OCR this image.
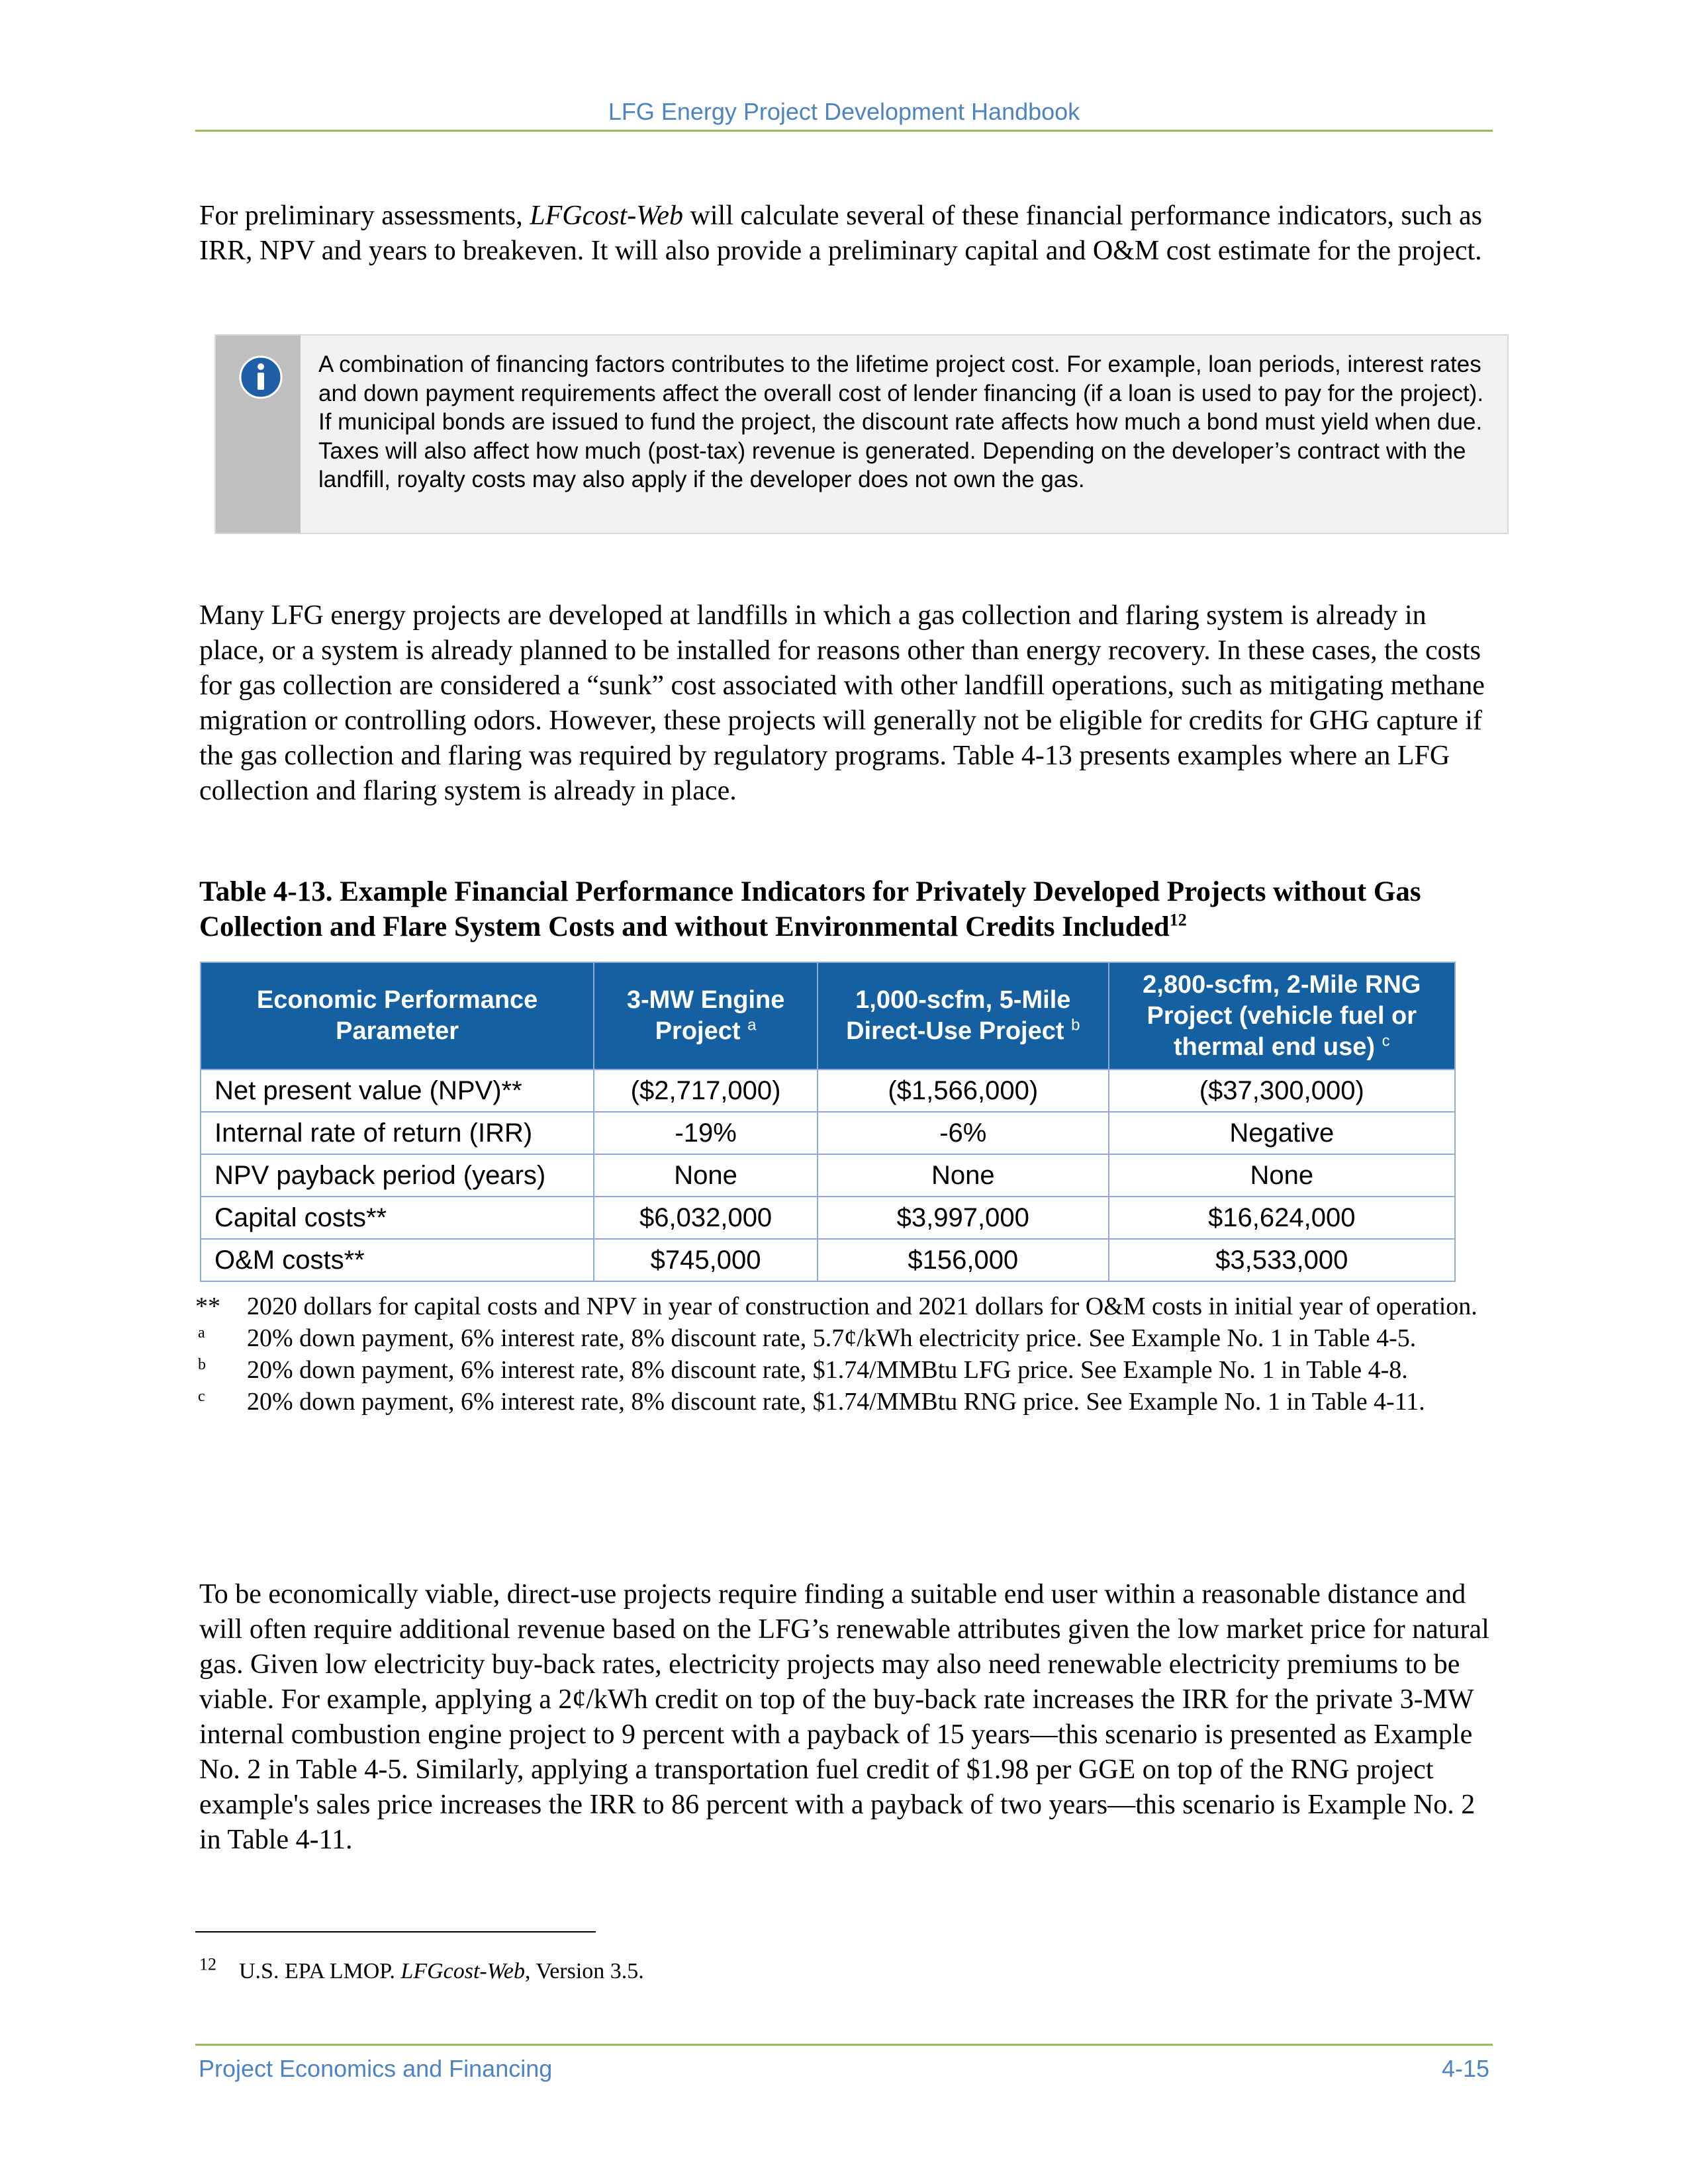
LFG Energy Project Development Handbook

For preliminary assessments, LFGcost-Web will calculate several of these financial performance indicators, such as IRR, NPV and years to breakeven. It will also provide a preliminary capital and O&M cost estimate for the project.

A combination of financing factors contributes to the lifetime project cost. For example, loan periods, interest rates and down payment requirements affect the overall cost of lender financing (if a loan is used to pay for the project). If municipal bonds are issued to fund the project, the discount rate affects how much a bond must yield when due. Taxes will also affect how much (post-tax) revenue is generated. Depending on the developer’s contract with the landfill, royalty costs may also apply if the developer does not own the gas.

Many LFG energy projects are developed at landfills in which a gas collection and flaring system is already in place, or a system is already planned to be installed for reasons other than energy recovery. In these cases, the costs for gas collection are considered a “sunk” cost associated with other landfill operations, such as mitigating methane migration or controlling odors. However, these projects will generally not be eligible for credits for GHG capture if the gas collection and flaring was required by regulatory programs. Table 4-13 presents examples where an LFG collection and flaring system is already in place.

Table 4-13. Example Financial Performance Indicators for Privately Developed Projects without Gas Collection and Flare System Costs and without Environmental Credits Included$^{12}$
Economic Performance Parameter	3-MW Engine Project $^a$	1,000-scfm, 5-Mile Direct-Use Project $^b$	2,800-scfm, 2-Mile RNG Project (vehicle fuel or thermal end use) $^c$
Net present value (NPV)**	($2,717,000)	($1,566,000)	($37,300,000)
Internal rate of return (IRR)	-19%	-6%	Negative
NPV payback period (years)	None	None	None
Capital costs**	$6,032,000	$3,997,000	$16,624,000
O&M costs**	$745,000	$156,000	$3,533,000
** 2020 dollars for capital costs and NPV in year of construction and 2021 dollars for O&M costs in initial year of operation.
a 20% down payment, 6% interest rate, 8% discount rate, 5.7¢/kWh electricity price. See Example No. 1 in Table 4-5.
b 20% down payment, 6% interest rate, 8% discount rate, $1.74/MMBtu LFG price. See Example No. 1 in Table 4-8.
c 20% down payment, 6% interest rate, 8% discount rate, $1.74/MMBtu RNG price. See Example No. 1 in Table 4-11.

To be economically viable, direct-use projects require finding a suitable end user within a reasonable distance and will often require additional revenue based on the LFG’s renewable attributes given the low market price for natural gas. Given low electricity buy-back rates, electricity projects may also need renewable electricity premiums to be viable. For example, applying a 2¢/kWh credit on top of the buy-back rate increases the IRR for the private 3-MW internal combustion engine project to 9 percent with a payback of 15 years—this scenario is presented as Example No. 2 in Table 4-5. Similarly, applying a transportation fuel credit of $1.98 per GGE on top of the RNG project example's sales price increases the IRR to 86 percent with a payback of two years—this scenario is Example No. 2 in Table 4-11.

$^{12}$ U.S. EPA LMOP. LFGcost-Web, Version 3.5.
Project Economics and Financing	4-15
